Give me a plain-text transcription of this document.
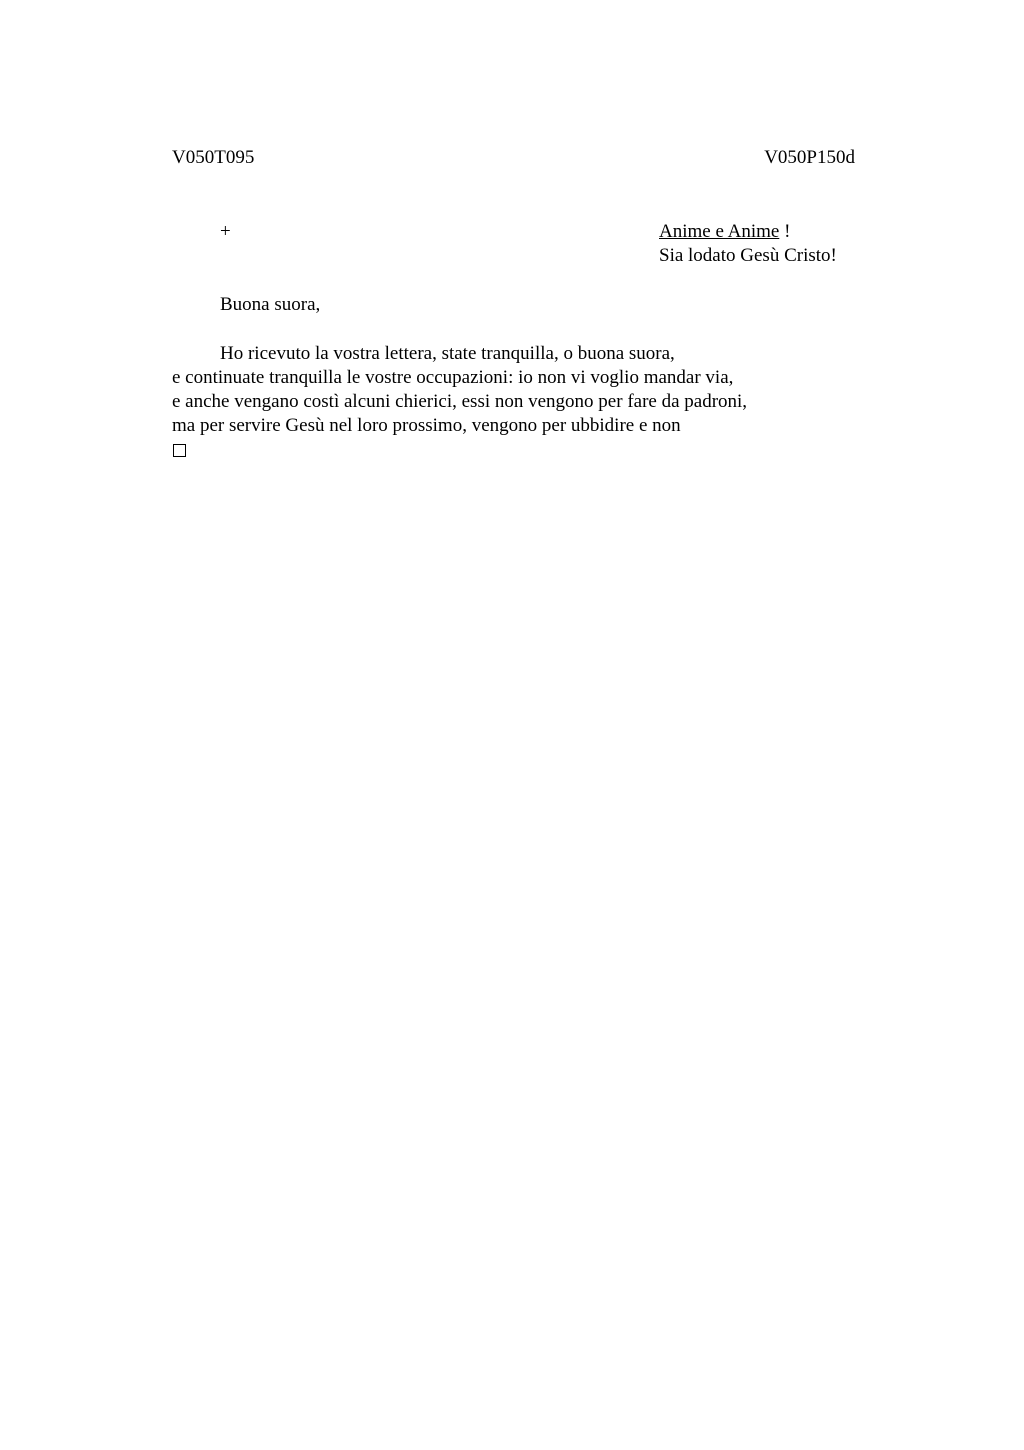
V050T095	V050P150d
+	Anime e Anime !
Sia lodato Gesù Cristo!
Buona suora,
Ho ricevuto la vostra lettera, state tranquilla, o buona suora,
e continuate tranquilla le vostre occupazioni: io non vi voglio mandar via,
e anche vengano costì alcuni chierici, essi non vengono per fare da padroni,
ma per servire Gesù nel loro prossimo, vengono per ubbidire e non
